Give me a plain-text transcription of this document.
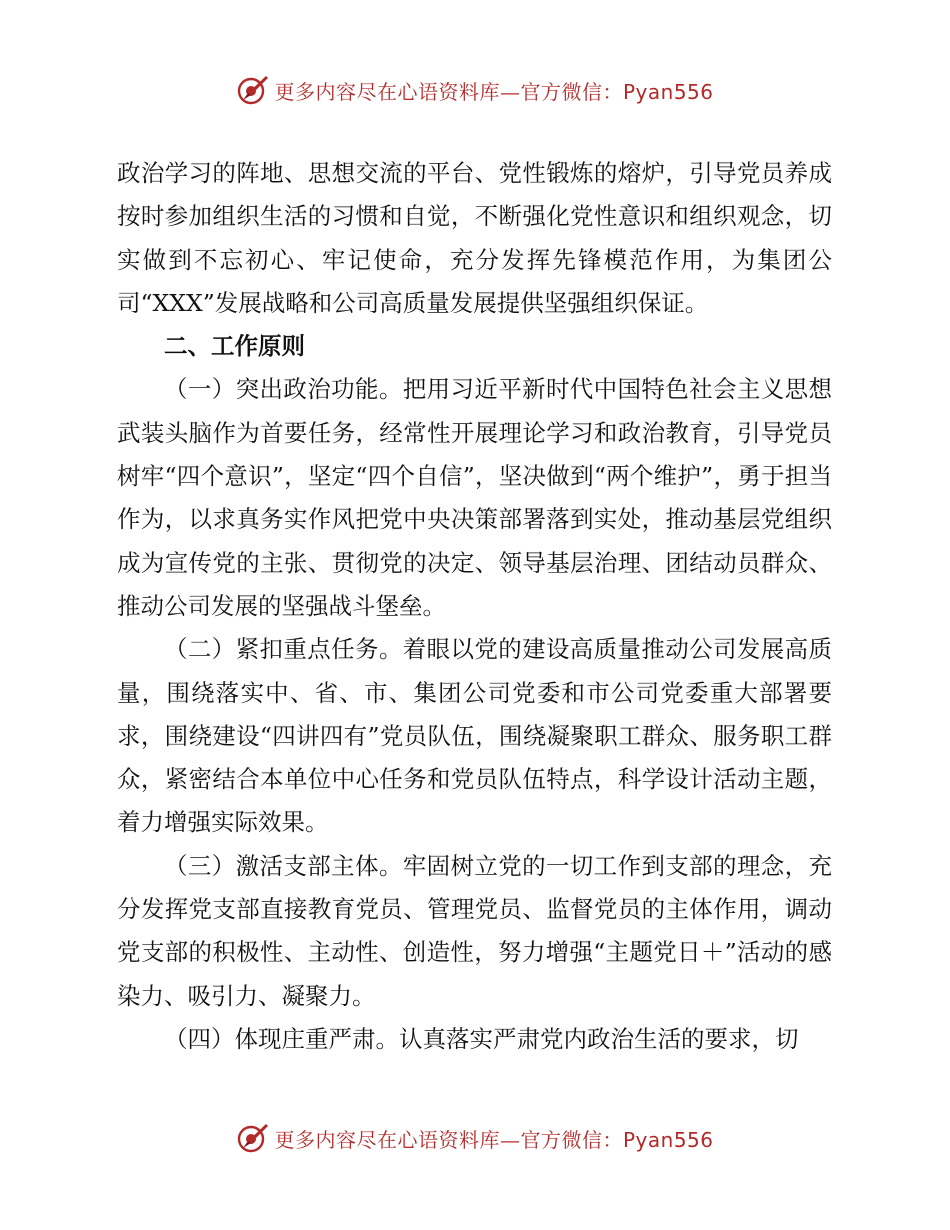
更多内容尽在心语资料库—官方微信：Pyan556

政治学习的阵地、思想交流的平台、党性锻炼的熔炉，引导党员养成按时参加组织生活的习惯和自觉，不断强化党性意识和组织观念，切实做到不忘初心、牢记使命，充分发挥先锋模范作用，为集团公司“XXX”发展战略和公司高质量发展提供坚强组织保证。

二、工作原则

（一）突出政治功能。把用习近平新时代中国特色社会主义思想武装头脑作为首要任务，经常性开展理论学习和政治教育，引导党员树牢“四个意识”，坚定“四个自信”，坚决做到“两个维护”，勇于担当作为，以求真务实作风把党中央决策部署落到实处，推动基层党组织成为宣传党的主张、贯彻党的决定、领导基层治理、团结动员群众、推动公司发展的坚强战斗堡垒。

（二）紧扣重点任务。着眼以党的建设高质量推动公司发展高质量，围绕落实中、省、市、集团公司党委和市公司党委重大部署要求，围绕建设“四讲四有”党员队伍，围绕凝聚职工群众、服务职工群众，紧密结合本单位中心任务和党员队伍特点，科学设计活动主题，着力增强实际效果。

（三）激活支部主体。牢固树立党的一切工作到支部的理念，充分发挥党支部直接教育党员、管理党员、监督党员的主体作用，调动党支部的积极性、主动性、创造性，努力增强“主题党日＋”活动的感染力、吸引力、凝聚力。

（四）体现庄重严肃。认真落实严肃党内政治生活的要求，切

更多内容尽在心语资料库—官方微信：Pyan556
